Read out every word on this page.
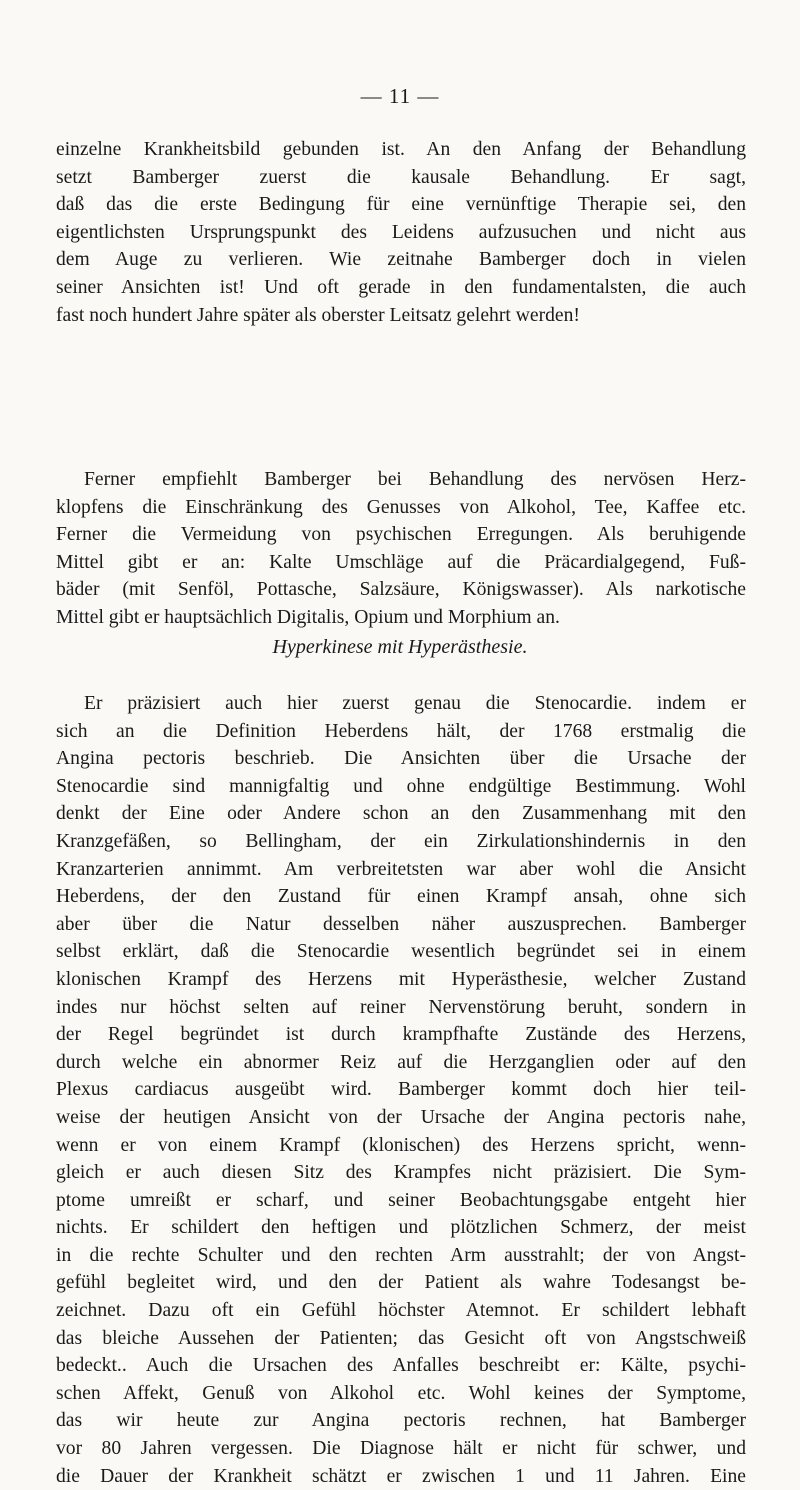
— 11 —
einzelne Krankheitsbild gebunden ist. An den Anfang der Behandlung
setzt Bamberger zuerst die kausale Behandlung. Er sagt,
daß das die erste Bedingung für eine vernünftige Therapie sei, den
eigentlichsten Ursprungspunkt des Leidens aufzusuchen und nicht aus
dem Auge zu verlieren. Wie zeitnahe Bamberger doch in vielen
seiner Ansichten ist! Und oft gerade in den fundamentalsten, die auch
fast noch hundert Jahre später als oberster Leitsatz gelehrt werden!
Ferner empfiehlt Bamberger bei Behandlung des nervösen Herz-
klopfens die Einschränkung des Genusses von Alkohol, Tee, Kaffee etc.
Ferner die Vermeidung von psychischen Erregungen. Als beruhigende
Mittel gibt er an: Kalte Umschläge auf die Präcardialgegend, Fuß-
bäder (mit Senföl, Pottasche, Salzsäure, Königswasser). Als narkotische
Mittel gibt er hauptsächlich Digitalis, Opium und Morphium an.
Hyperkinese mit Hyperästhesie.
Er präzisiert auch hier zuerst genau die Stenocardie. indem er
sich an die Definition Heberdens hält, der 1768 erstmalig die
Angina pectoris beschrieb. Die Ansichten über die Ursache der
Stenocardie sind mannigfaltig und ohne endgültige Bestimmung. Wohl
denkt der Eine oder Andere schon an den Zusammenhang mit den
Kranzgefäßen, so Bellingham, der ein Zirkulationshindernis in den
Kranzarterien annimmt. Am verbreitetsten war aber wohl die Ansicht
Heberdens, der den Zustand für einen Krampf ansah, ohne sich
aber über die Natur desselben näher auszusprechen. Bamberger
selbst erklärt, daß die Stenocardie wesentlich begründet sei in einem
klonischen Krampf des Herzens mit Hyperästhesie, welcher Zustand
indes nur höchst selten auf reiner Nervenstörung beruht, sondern in
der Regel begründet ist durch krampfhafte Zustände des Herzens,
durch welche ein abnormer Reiz auf die Herzganglien oder auf den
Plexus cardiacus ausgeübt wird. Bamberger kommt doch hier teil-
weise der heutigen Ansicht von der Ursache der Angina pectoris nahe,
wenn er von einem Krampf (klonischen) des Herzens spricht, wenn-
gleich er auch diesen Sitz des Krampfes nicht präzisiert. Die Sym-
ptome umreißt er scharf, und seiner Beobachtungsgabe entgeht hier
nichts. Er schildert den heftigen und plötzlichen Schmerz, der meist
in die rechte Schulter und den rechten Arm ausstrahlt; der von Angst-
gefühl begleitet wird, und den der Patient als wahre Todesangst be-
zeichnet. Dazu oft ein Gefühl höchster Atemnot. Er schildert lebhaft
das bleiche Aussehen der Patienten; das Gesicht oft von Angstschweiß
bedeckt.. Auch die Ursachen des Anfalles beschreibt er: Kälte, psychi-
schen Affekt, Genuß von Alkohol etc. Wohl keines der Symptome,
das wir heute zur Angina pectoris rechnen, hat Bamberger
vor 80 Jahren vergessen. Die Diagnose hält er nicht für schwer, und
die Dauer der Krankheit schätzt er zwischen 1 und 11 Jahren. Eine
